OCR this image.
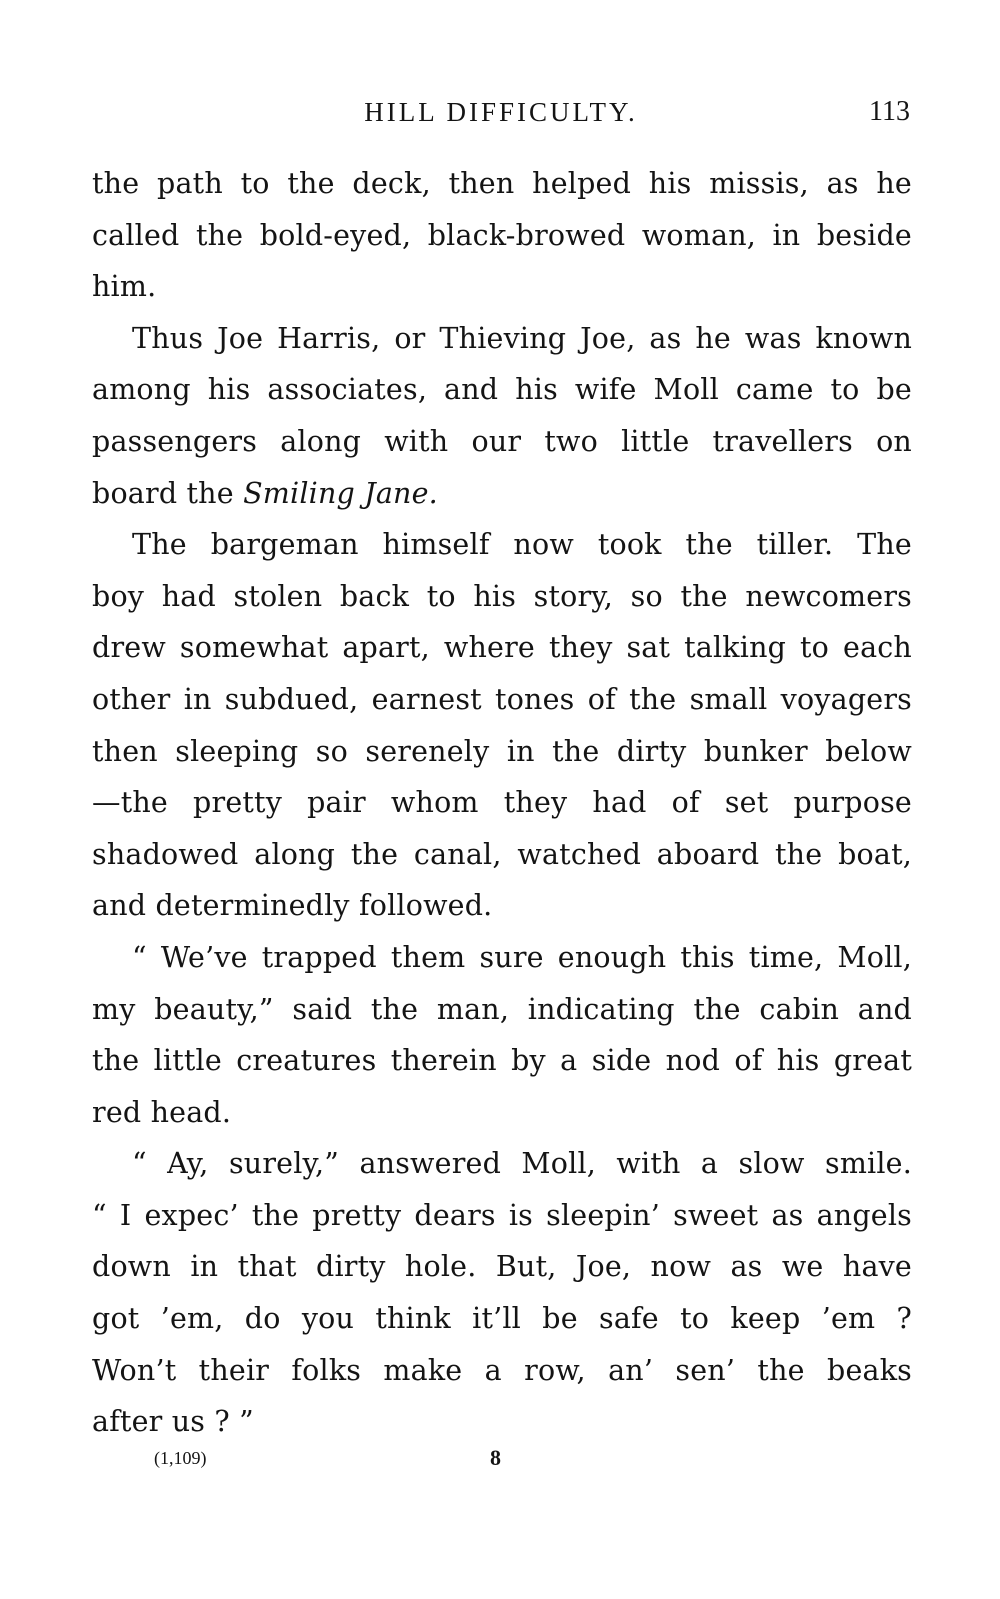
HILL DIFFICULTY.	113
the path to the deck, then helped his missis, as he
called the bold-eyed, black-browed woman, in beside
him.
Thus Joe Harris, or Thieving Joe, as he was known
among his associates, and his wife Moll came to be
passengers along with our two little travellers on
board the Smiling Jane.
The bargeman himself now took the tiller. The
boy had stolen back to his story, so the newcomers
drew somewhat apart, where they sat talking to each
other in subdued, earnest tones of the small voyagers
then sleeping so serenely in the dirty bunker below
—the pretty pair whom they had of set purpose
shadowed along the canal, watched aboard the boat,
and determinedly followed.
“ We’ve trapped them sure enough this time, Moll,
my beauty,” said the man, indicating the cabin and
the little creatures therein by a side nod of his great
red head.
“ Ay, surely,” answered Moll, with a slow smile.
“ I expec’ the pretty dears is sleepin’ sweet as angels
down in that dirty hole. But, Joe, now as we have
got ’em, do you think it’ll be safe to keep ’em ?
Won’t their folks make a row, an’ sen’ the beaks
after us ? ”
(1,109)	8
